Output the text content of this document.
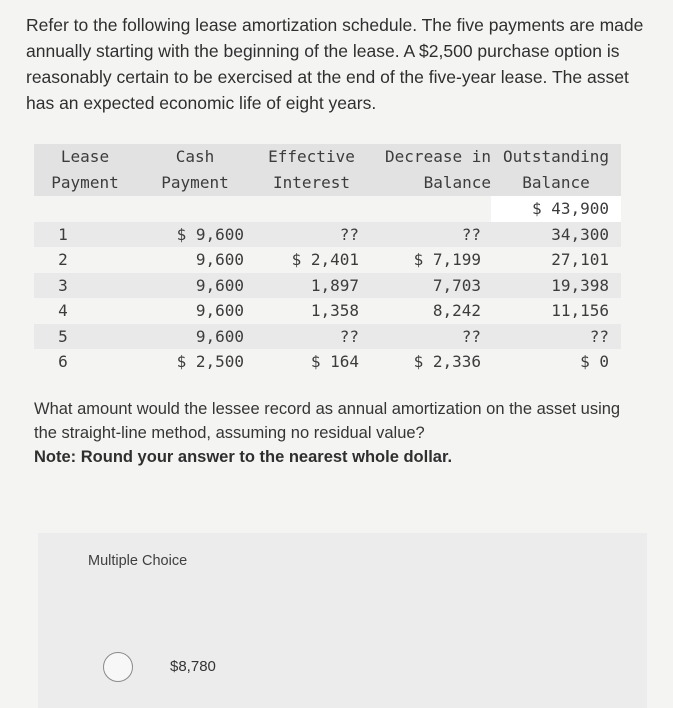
Refer to the following lease amortization schedule. The five payments are made annually starting with the beginning of the lease. A $2,500 purchase option is reasonably certain to be exercised at the end of the five-year lease. The asset has an expected economic life of eight years.
Lease	Cash	Effective	Decrease in	Outstanding
Payment	Payment	Interest	Balance	Balance
				$ 43,900
1	$ 9,600	??	??	34,300
2	9,600	$ 2,401	$ 7,199	27,101
3	9,600	1,897	7,703	19,398
4	9,600	1,358	8,242	11,156
5	9,600	??	??	??
6	$ 2,500	$ 164	$ 2,336	$ 0
What amount would the lessee record as annual amortization on the asset using the straight-line method, assuming no residual value?
Note: Round your answer to the nearest whole dollar.
Multiple Choice
$8,780
